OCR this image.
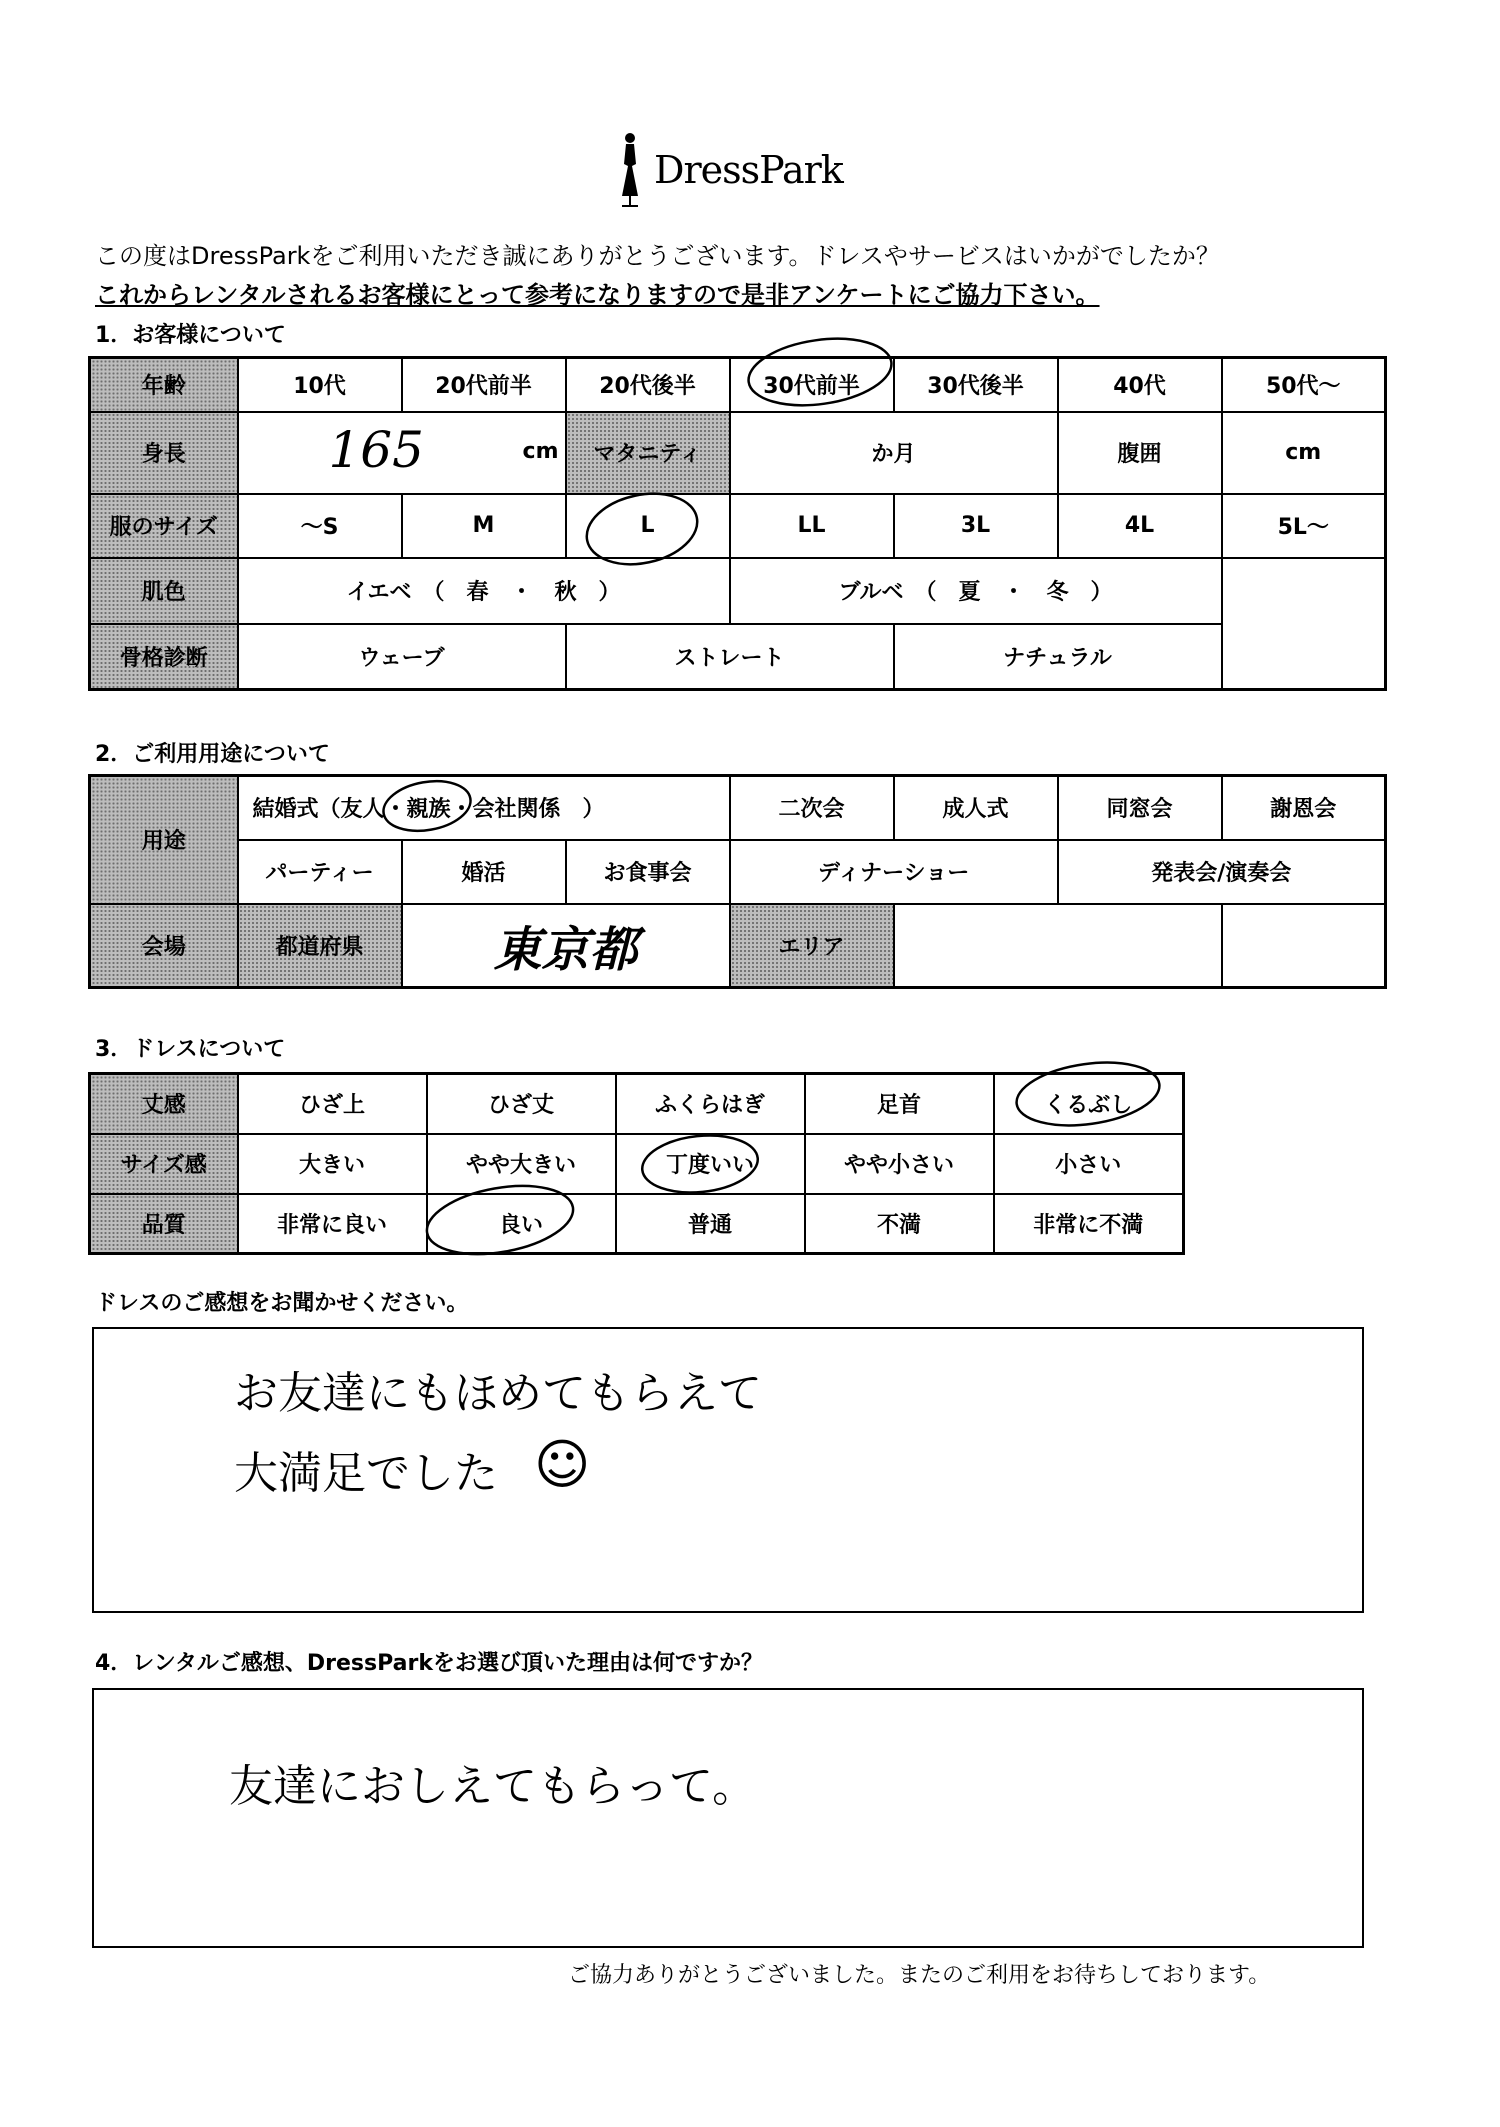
DressPark
この度はDressParkをご利用いただき誠にありがとうございます。ドレスやサービスはいかがでしたか？
これからレンタルされるお客様にとって参考になりますので是非アンケートにご協力下さい。
1．お客様について
年齢	10代	20代前半	20代後半	30代前半	30代後半	40代	50代～
身長	165 cm		マタニティ	か月		腹囲	cm
服のサイズ	～S	M	L	LL	3L	4L	5L～
肌色	イエベ　（　春　・　秋　）			ブルベ　（　夏　・　冬　）			
骨格診断	ウェーブ		ストレート		ナチュラル		
2．ご利用用途について
用途	結婚式（友人・親族・会社関係　）			二次会	成人式	同窓会	謝恩会
	パーティー	婚活	お食事会	ディナーショー		発表会/演奏会	
会場	都道府県	東京都		エリア			
3．ドレスについて
丈感	ひざ上	ひざ丈	ふくらはぎ	足首	くるぶし
サイズ感	大きい	やや大きい	丁度いい	やや小さい	小さい
品質	非常に良い	良い	普通	不満	非常に不満
ドレスのご感想をお聞かせください。
お友達にもほめてもらえて
大満足でした ☺
4．レンタルご感想、DressParkをお選び頂いた理由は何ですか？
友達におしえてもらって。
ご協力ありがとうございました。またのご利用をお待ちしております。
